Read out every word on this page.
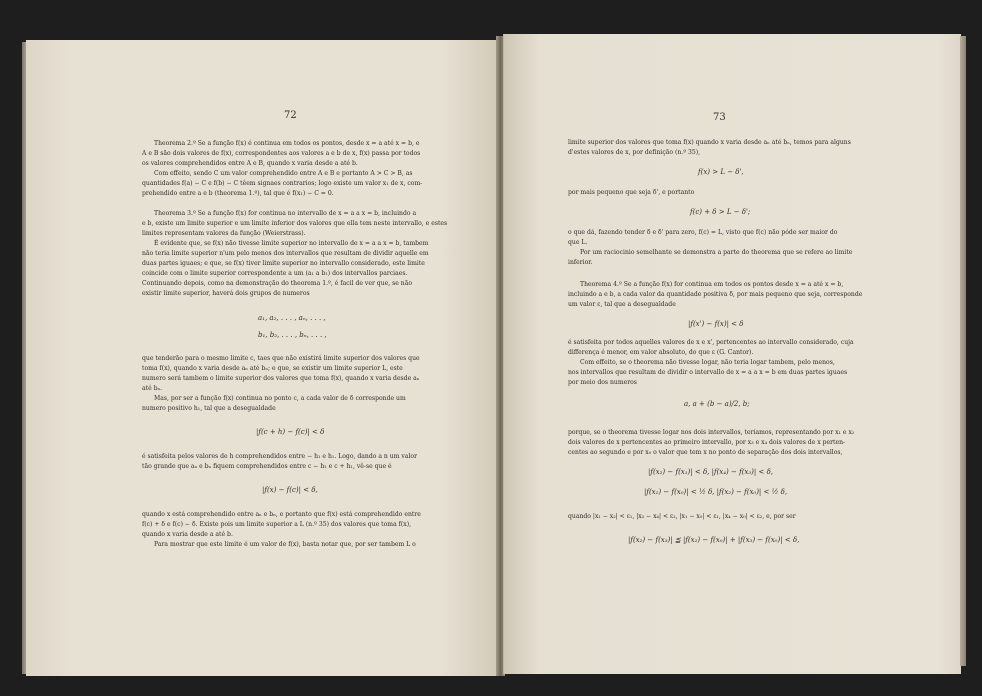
72
Theorema 2.º Se a função f(x) é continua em todos os pontos, desde x = a até x = b, e
A e B são dois valores de f(x), correspondentes aos valores a e b de x, f(x) passa por todos
os valores comprehendidos entre A e B, quando x varia desde a até b.
Com effeito, sendo C um valor comprehendido entre A e B e portanto A > C > B, as
quantidades f(a) − C e f(b) − C têem signaes contrarios; logo existe um valor x₁ de x, com-
prehendido entre a e b (theorema 1.º), tal que é f(x₁) − C = 0.
Theorema 3.º Se a função f(x) for continua no intervallo de x = a a x = b, incluindo a
e b, existe um limite superior e um limite inferior dos valores que ella tem neste intervallo, e estes
limites representam valores da função (Weierstrass).
É evidente que, se f(x) não tivesse limite superior no intervallo de x = a a x = b, tambem
não teria limite superior n'um pelo menos dos intervallos que resultam de dividir aquelle em
duas partes iguaes; e que, se f(x) tiver limite superior no intervallo considerado, este limite
coincide com o limite superior correspondente a um (a₁ a b₁) dos intervallos parciaes.
Continuando depois, como na demonstração do theorema 1.º, é facil de ver que, se não
existir limite superior, haverá dois grupos de numeros
a₁, a₂, . . . , aₙ, . . . ,
b₁, b₂, . . . , bₙ, . . . ,
que tenderão para o mesmo limite c, taes que não existirá limite superior dos valores que
toma f(x), quando x varia desde aₙ até bₙ; e que, se existir um limite superior L, este
numero será tambem o limite superior dos valores que toma f(x), quando x varia desde aₙ
até bₙ.
Mas, por ser a função f(x) continua no ponto c, a cada valor de δ corresponde um
numero positivo h₁, tal que a desegualdade
|f(c + h) − f(c)| < δ
é satisfeita pelos valores de h comprehendidos entre − h₁ e h₁. Logo, dando a n um valor
tão grande que aₙ e bₙ fiquem comprehendidos entre c − h₁ e c + h₁, vê-se que é
|f(x) − f(c)| < δ,
quando x está comprehendido entre aₙ e bₙ, e portanto que f(x) está comprehendido entre
f(c) + δ e f(c) − δ. Existe pois um limite superior a L (n.º 35) dos valores que toma f(x),
quando x varia desde a até b.
Para mostrar que este limite é um valor de f(x), basta notar que, por ser tambem L o
73
limite superior dos valores que toma f(x) quando x varia desde aₙ até bₙ, temos para alguns
d'estes valores de x, por definição (n.º 35),
f(x) > L − δ',
por mais pequeno que seja δ', e portanto
f(c) + δ > L − δ';
o que dá, fazendo tender δ e δ' para zero, f(c) = L, visto que f(c) não póde ser maior do
que L.
Por um raciocinio semelhante se demonstra a parte do theorema que se refere ao limite
inferior.
Theorema 4.º Se a função f(x) for continua em todos os pontos desde x = a até x = b,
incluindo a e b, a cada valor da quantidade positiva δ, por mais pequeno que seja, corresponde
um valor ε, tal que a desegualdade
|f(x') − f(x)| < δ
é satisfeita por todos aquelles valores de x e x', pertencentes ao intervallo considerado, cuja
differença é menor, em valor absoluto, do que ε (G. Cantor).
Com effeito, se o theorema não tivesse logar, não teria logar tambem, pelo menos,
nos intervallos que resultam de dividir o intervallo de x = a a x = b em duas partes iguaes
por meio dos numeros
a, a + (b − a)/2, b;
porque, se o theorema tivesse logar nos dois intervallos, teriamos, representando por x₁ e x₂
dois valores de x pertencentes ao primeiro intervallo, por x₃ e x₄ dois valores de x perten-
centes ao segundo e por x₀ o valor que tem x no ponto de separação dos dois intervallos,
|f(x₂) − f(x₁)| < δ, |f(x₄) − f(x₃)| < δ,
|f(x₁) − f(x₀)| < ½ δ, |f(x₂) − f(x₀)| < ½ δ,
quando |x₁ − x₂| < ε₁, |x₃ − x₄| < ε₂, |x₁ − x₀| < ε₁, |x₄ − x₀| < ε₂, e, por ser
|f(x₂) − f(x₃)| ≦ |f(x₂) − f(x₀)| + |f(x₃) − f(x₀)| < δ,
